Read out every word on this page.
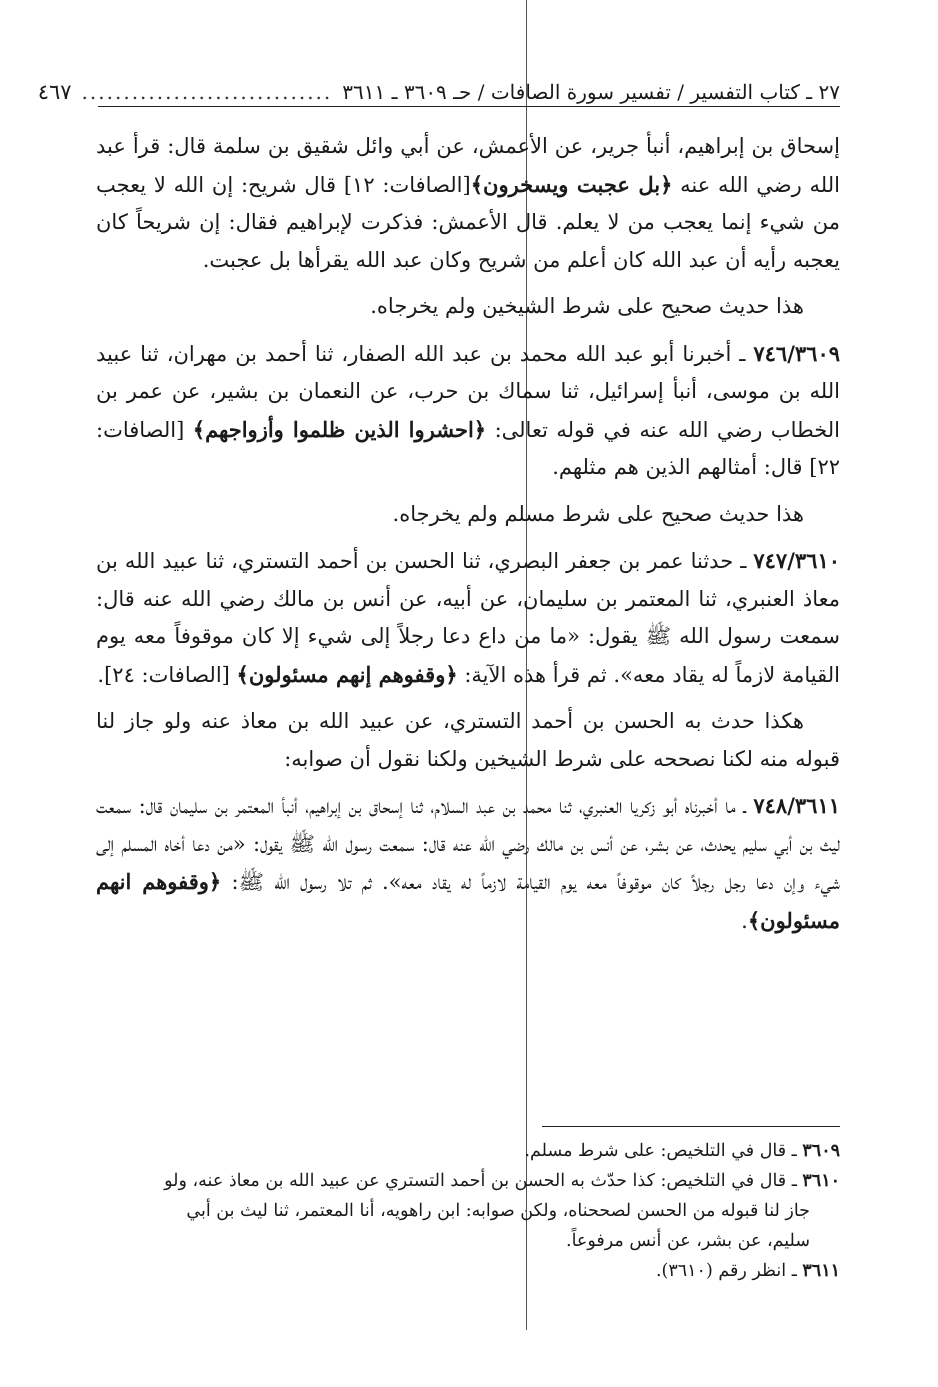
٢٧ ـ كتاب التفسير / تفسير سورة الصافات / حـ ٣٦٠٩ ـ ٣٦١١
..............................
٤٦٧

إسحاق بن إبراهيم، أنبأ جرير، عن الأعمش، عن أبي وائل شقيق بن سلمة قال: قرأ عبد الله رضي الله عنه ﴿بل عجبت ويسخرون﴾[الصافات: ١٢] قال شريح: إن الله لا يعجب من شيء إنما يعجب من لا يعلم. قال الأعمش: فذكرت لإبراهيم فقال: إن شريحاً كان يعجبه رأيه أن عبد الله كان أعلم من شريح وكان عبد الله يقرأها بل عجبت.

هذا حديث صحيح على شرط الشيخين ولم يخرجاه.

٧٤٦/٣٦٠٩ ـ أخبرنا أبو عبد الله محمد بن عبد الله الصفار، ثنا أحمد بن مهران، ثنا عبيد الله بن موسى، أنبأ إسرائيل، ثنا سماك بن حرب، عن النعمان بن بشير، عن عمر بن الخطاب رضي الله عنه في قوله تعالى: ﴿احشروا الذين ظلموا وأزواجهم﴾ [الصافات: ٢٢] قال: أمثالهم الذين هم مثلهم.

هذا حديث صحيح على شرط مسلم ولم يخرجاه.

٧٤٧/٣٦١٠ ـ حدثنا عمر بن جعفر البصري، ثنا الحسن بن أحمد التستري، ثنا عبيد الله بن معاذ العنبري، ثنا المعتمر بن سليمان، عن أبيه، عن أنس بن مالك رضي الله عنه قال: سمعت رسول الله ﷺ يقول: «ما من داع دعا رجلاً إلى شيء إلا كان موقوفاً معه يوم القيامة لازماً له يقاد معه». ثم قرأ هذه الآية: ﴿وقفوهم إنهم مسئولون﴾ [الصافات: ٢٤].

هكذا حدث به الحسن بن أحمد التستري، عن عبيد الله بن معاذ عنه ولو جاز لنا قبوله منه لكنا نصححه على شرط الشيخين ولكنا نقول أن صوابه:

٧٤٨/٣٦١١ ـ ما أخبرناه أبو زكريا العنبري، ثنا محمد بن عبد السلام، ثنا إسحاق بن إبراهيم، أنبأ المعتمر بن سليمان قال: سمعت ليث بن أبي سليم يحدث، عن بشر، عن أنس بن مالك رضي الله عنه قال: سمعت رسول الله ﷺ يقول: «من دعا أخاه المسلم إلى شيء وإن دعا رجل رجلاً كان موقوفاً معه يوم القيامة لازماً له يقاد معه». ثم تلا رسول الله ﷺ: ﴿وقفوهم انهم مسئولون﴾.

٣٦٠٩ ـ قال في التلخيص: على شرط مسلم.

٣٦١٠ ـ قال في التلخيص: كذا حدّث به الحسن بن أحمد التستري عن عبيد الله بن معاذ عنه، ولو

جاز لنا قبوله من الحسن لصححناه، ولكن صوابه: ابن راهويه، أنا المعتمر، ثنا ليث بن أبي

سليم، عن بشر، عن أنس مرفوعاً.

٣٦١١ ـ انظر رقم (٣٦١٠).
